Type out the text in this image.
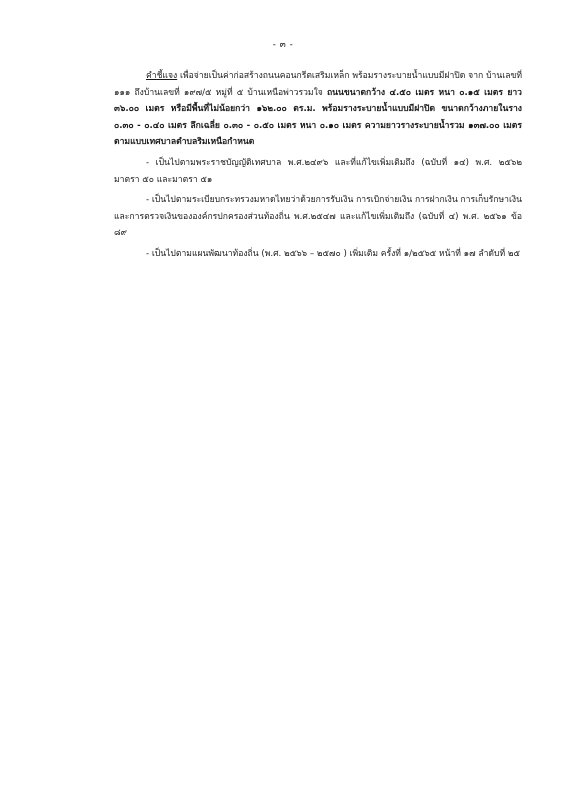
- ๓ -

คำชี้แจง เพื่อจ่ายเป็นค่าก่อสร้างถนนคอนกรีตเสริมเหล็ก พร้อมรางระบายน้ำแบบมีฝาปิด จาก บ้านเลขที่ ๑๑๑ ถึงบ้านเลขที่ ๑๙๗/๕ หมู่ที่ ๕ บ้านเหนือพ่าวรวมใจ ถนนขนาดกว้าง ๔.๕๐ เมตร หนา ๐.๑๕ เมตร ยาว ๓๖.๐๐ เมตร หรือมีพื้นที่ไม่น้อยกว่า ๑๖๒.๐๐ ตร.ม. พร้อมรางระบายน้ำแบบมีฝาปิด ขนาดกว้างภายในราง ๐.๓๐ - ๐.๔๐ เมตร ลึกเฉลี่ย ๐.๓๐ - ๐.๕๐ เมตร หนา ๐.๑๐ เมตร ความยาวรางระบายน้ำรวม ๑๓๗.๐๐ เมตร ตามแบบเทศบาลตำบลริมเหนือกำหนด

- เป็นไปตามพระราชบัญญัติเทศบาล พ.ศ.๒๔๙๖ และที่แก้ไขเพิ่มเติมถึง (ฉบับที่ ๑๔) พ.ศ. ๒๕๖๒ มาตรา ๕๐ และมาตรา ๕๑

- เป็นไปตามระเบียบกระทรวงมหาดไทยว่าด้วยการรับเงิน การเบิกจ่ายเงิน การฝากเงิน การเก็บรักษาเงิน และการตรวจเงินขององค์กรปกครองส่วนท้องถิ่น พ.ศ.๒๕๔๗ และแก้ไขเพิ่มเติมถึง (ฉบับที่ ๔) พ.ศ. ๒๕๖๑ ข้อ ๘๙

- เป็นไปตามแผนพัฒนาท้องถิ่น (พ.ศ. ๒๕๖๖ – ๒๕๗๐ ) เพิ่มเติม ครั้งที่ ๑/๒๕๖๕ หน้าที่ ๑๗ ลำดับที่ ๒๕
